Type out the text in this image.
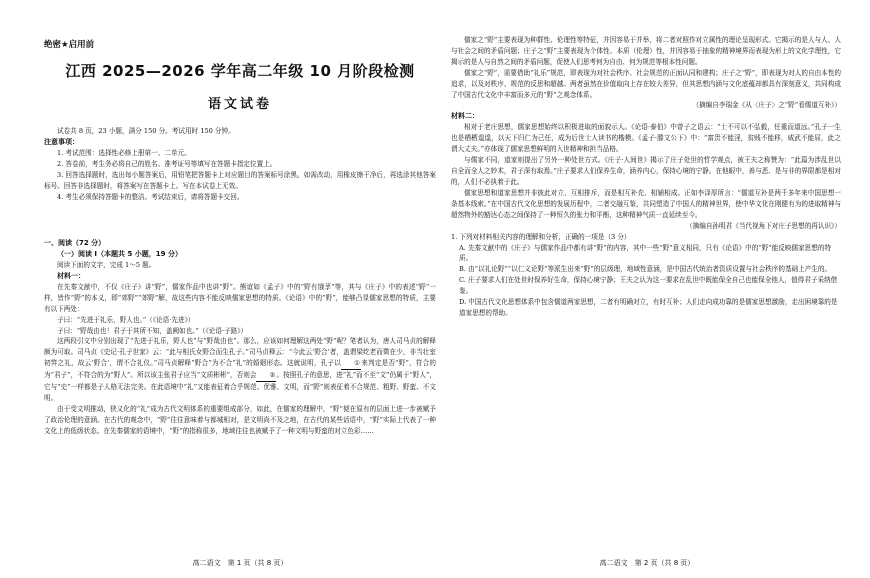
绝密★启用前
江西 2025—2026 学年高二年级 10 月阶段检测
语文试卷

试卷共 8 页，23 小题，满分 150 分。考试用时 150 分钟。

注意事项：

1. 考试范围：选择性必修上册第一、二单元。

2. 答卷前，考生务必将自己的姓名、准考证号等填写在答题卡指定位置上。

3. 回答选择题时，选出每小题答案后，用铅笔把答题卡上对应题目的答案标号涂黑。如需改动，用橡皮擦干净后，再选涂其他答案标号。回答非选择题时，将答案写在答题卡上。写在本试卷上无效。

4. 考生必须保持答题卡的整洁。考试结束后，请将答题卡交回。

一、阅读（72 分）

（一）阅读 I（本题共 5 小题，19 分）

阅读下面的文字，完成 1～5 题。

材料一：

在先秦文献中，不仅《庄子》讲“野”，儒家作品中也讲“野”。熊谊如《孟子》中的“野有饿莩”等，其与《庄子》中的表述“野”一样，皆作“野”的本义，即“郊野”“郊野”解，故这些内容不能反映儒家思想的特质。《论语》中的“野”，能够凸显儒家思想的特质，主要有以下两处：

子曰：“先进于礼乐，野人也。”（《论语·先进》）

子曰：“野哉由也！君子于其所不知，盖阙如也。”（《论语·子路》）

这两段引文中分别出现了“先进于礼乐，野人也”与“野哉由也”。那么，应该如何理解这两处“野”呢？笔者认为，唐人司马贞的解释颇为可取。司马贞《史记·孔子世家》云：“此与相氏女野合而生孔子。”司马贞释云：“今此云‘野合’者，盖谓梁纥老而徵在少，非当壮室初笄之礼，故云‘野合’，谓不合礼仪。”司马贞解释“野合”为不合“礼”的婚姻形态。这就说明，孔子以 ①来判定是否“野”，符合的为“君子”，不符合的为“野人”。所以该主张君子应当“文质彬彬”，否则会 ②。按照孔子的意思，进“礼”而不至“文”仍属于“野人”，它与“史”一样都是子人格无法完美。在此语境中“礼”又能表征着合乎规范、优雅、文明，而“野”则表征着不合规范、粗野、野蛮、不文明。

由于受文明推动，狭义化的“礼”成为古代文明体系的重要组成部分，如此，在儒家的理解中，“野”便在原有的层面上进一步被赋予了政治伦理的意涵。在古代的观念中，“野”往往意味着与都城相对，是文明尚不及之地，在古代的某些话语中，“野”实际上代表了一种文化上的低级状态。在先秦儒家的语境中，“野”的指称很多，地域往往也被赋予了一种文明与野蛮的对立色彩……

高二语文　第 1 页（共 8 页）

儒家之“野”主要表现为种群性、伦理性等特征，并因容易于并举，将二者对照作对立属性的理论呈现形式。它揭示的是人与人、人与社会之间的矛盾问题；庄子之“野”主要表现为个体性、本质（伦理）性，并因容易于抽象的精神境界而表现为形上的文化学理性，它揭示的是人与自然之间的矛盾问题，促使人们思考何为自由、何为规范等根本性问题。

儒家之“野”，需要借助“礼乐”规范，即表现为对社会秩序、社会规范的正面认同和建构；庄子之“野”，即表现为对人的自由本性的追求，以及对秩序、规范的反思和超越。两者虽然在价值取向上存在较大差异，但其思想内涵与文化底蕴却都具有深刻意义，共同构成了中国古代文化中丰富而多元的“野”之观念体系。

（摘编自李瑞金《从〈庄子〉之“野”看儒道互补》）

材料二：

相对于老庄思想，儒家思想始终以积极进取的面貌示人。《论语·泰伯》中曾子之语云：“士不可以不弘毅，任重而道远。”孔子一生也是栖栖遑遑，以天下归仁为己任，成为后世士人读书的楷模。《孟子·滕文公下》中：“富贵不能淫，贫贱不能移，威武不能屈，此之谓大丈夫。”亦体现了儒家思想鲜明的入世精神和担当品格。

与儒家不同，道家则提出了另外一种处世方式。《庄子·人间世》揭示了庄子处世的哲学观点，被王夫之称赞为：“此篇为涉乱世以自全而全人之妙术，君子深有取焉。”庄子要求人们保养生命，涵养内心，保持心境的宁静。在他眼中，善与恶、是与非的界限都是相对的，人们不必执着于此。

儒家思想和道家思想并非彼此对立、互相排斥，而是相互补充、相辅相成。正如李泽厚所言：“儒道互补是两千多年来中国思想一条基本线索。”在中国古代文化思想的发展历程中，二者交融互鉴，共同塑造了中国人的精神世界，使中华文化在刚健有为的进取精神与超然物外的豁达心态之间保持了一种恒久的张力和平衡，这种精神气质一直延续至今。

（摘编自孙明君《当代视角下对庄子思想的再认识》）

1. 下列对材料相关内容的理解和分析，正确的一项是（3 分）

A. 先秦文献中的《庄子》与儒家作品中都有讲“野”的内容，其中一些“野”意义相同，只有《论语》中的“野”能反映儒家思想的特质。

B. 由“以礼论野”“以仁义论野”等派生出来“野”的层级理，地域性意涵，是中国古代统治者资质设置与社会秩序的基础上产生的。

C. 庄子要求人们在处世时保养好生命，保持心境宁静；王夫之认为这一要求在乱世中既能保全自己也能保全他人，值得君子采纳借鉴。

D. 中国古代文化思想体系中包含儒道两家思想，二者有明确对立，有时互补；人们走向成功靠的是儒家思想激励，走出困境靠的是道家思想的帮助。

高二语文　第 2 页（共 8 页）
